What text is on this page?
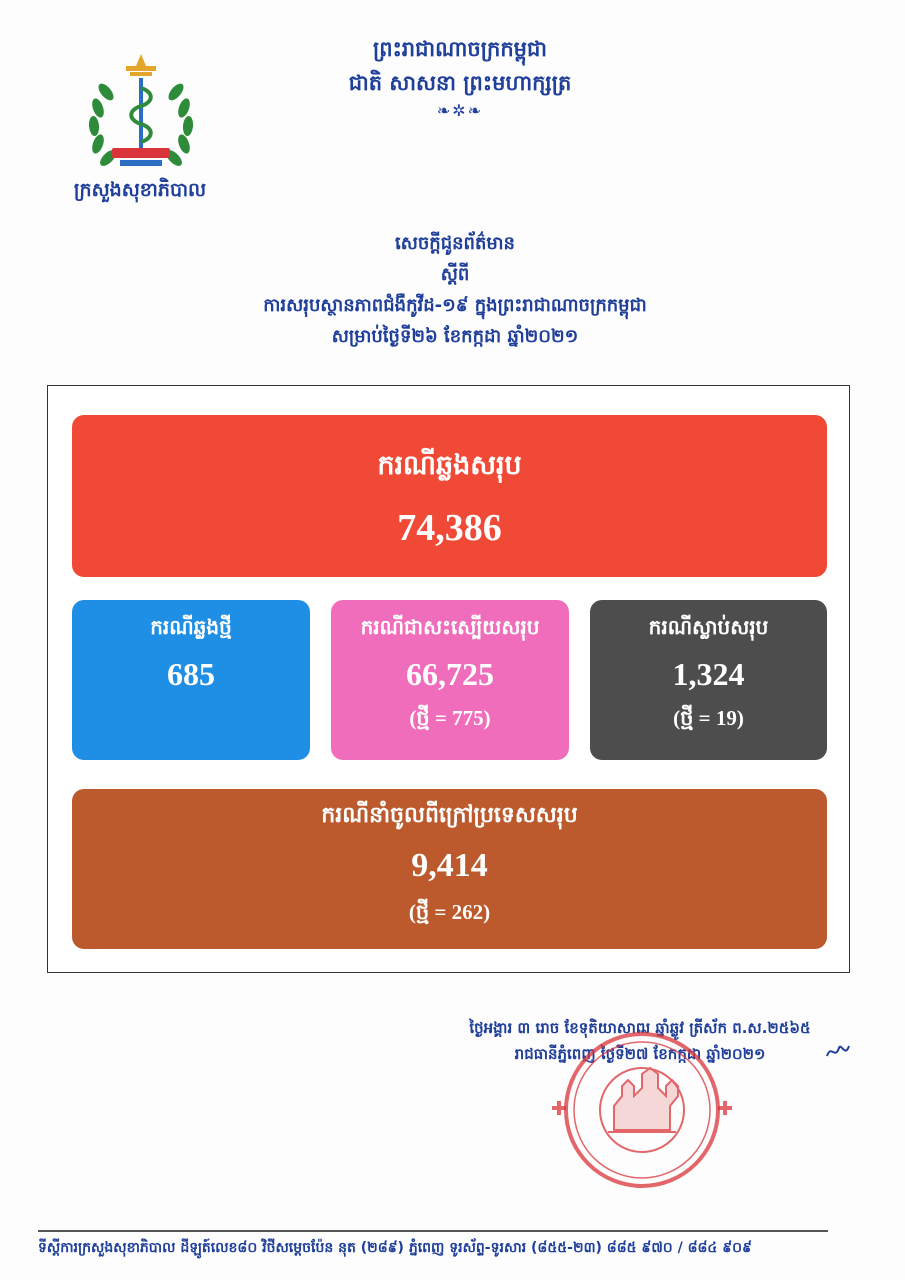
ព្រះរាជាណាចក្រកម្ពុជា
ជាតិ សាសនា ព្រះមហាក្សត្រ
❧✲❧
ក្រសួងសុខាភិបាល
សេចក្តីជូនព័ត៌មាន
ស្តីពី
ការសរុបស្ថានភាពជំងឺកូវីដ-១៩ ក្នុងព្រះរាជាណាចក្រកម្ពុជា
សម្រាប់ថ្ងៃទី២៦ ខែកក្កដា ឆ្នាំ២០២១
ករណីឆ្លងសរុប
74,386
ករណីឆ្លងថ្មី
685
ករណីជាសះស្បើយសរុប
66,725
(ថ្មី = 775)
ករណីស្លាប់សរុប
1,324
(ថ្មី = 19)
ករណីនាំចូលពីក្រៅប្រទេសសរុប
9,414
(ថ្មី = 262)
ថ្ងៃអង្គារ ៣ រោច ខែទុតិយាសាឍ ឆ្នាំឆ្លូវ ត្រីស័ក ព.ស.២៥៦៥
រាជធានីភ្នំពេញ ថ្ងៃទី២៧ ខែកក្កដា ឆ្នាំ២០២១
ទីស្តីការក្រសួងសុខាភិបាល ដីឡូត៍លេខ៨០ វិថីសម្តេចប៉ែន នុត (២៨៩) ភ្នំពេញ ទូរស័ព្ទ-ទូរសារ (៨៥៥-២៣) ៨៨៥ ៩៧០ / ៨៨៤ ៩០៩
